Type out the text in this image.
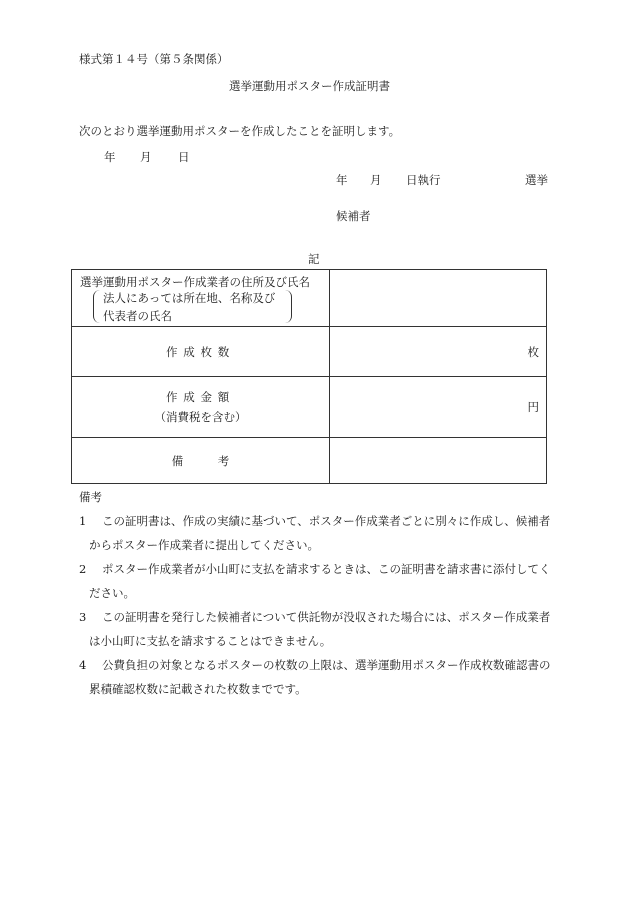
様式第１４号（第５条関係）
選挙運動用ポスター作成証明書
次のとおり選挙運動用ポスターを作成したことを証明します。
年 月 日
年 月 日執行	選挙
候補者
記
選挙運動用ポスター作成業者の住所及び氏名
法人にあっては所在地、名称及び
代表者の氏名	

作成枚数	枚

作成金額
（消費税を含む）	円
備考	
備考
1	この証明書は、作成の実績に基づいて、ポスター作成業者ごとに別々に作成し、候補者からポスター作成業者に提出してください。
2	ポスター作成業者が小山町に支払を請求するときは、この証明書を請求書に添付してください。
3	この証明書を発行した候補者について供託物が没収された場合には、ポスター作成業者は小山町に支払を請求することはできません。
4	公費負担の対象となるポスターの枚数の上限は、選挙運動用ポスター作成枚数確認書の累積確認枚数に記載された枚数までです。
